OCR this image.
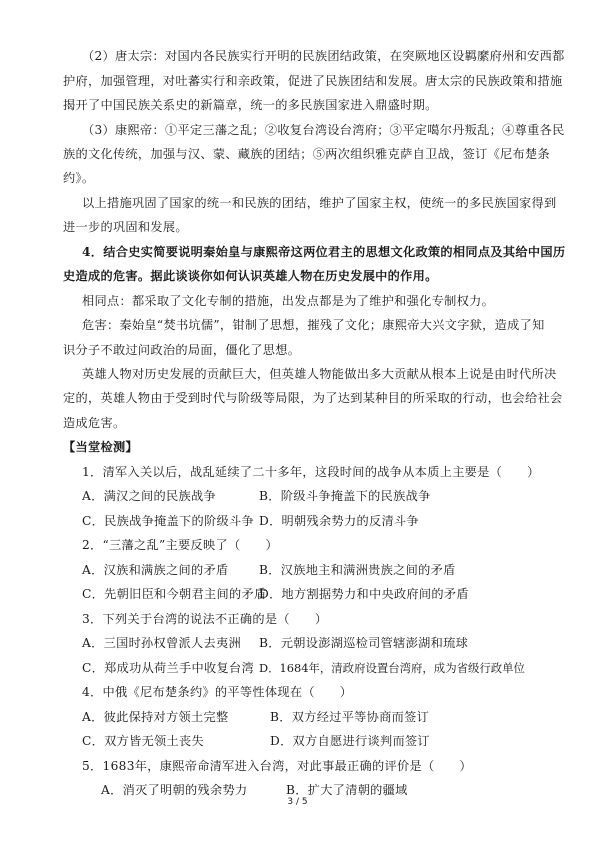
（2）唐太宗：对国内各民族实行开明的民族团结政策，在突厥地区设羁縻府州和安西都
护府，加强管理，对吐蕃实行和亲政策，促进了民族团结和发展。唐太宗的民族政策和措施
揭开了中国民族关系史的新篇章，统一的多民族国家进入鼎盛时期。
（3）康熙帝：①平定三藩之乱；②收复台湾设台湾府；③平定噶尔丹叛乱；④尊重各民
族的文化传统，加强与汉、蒙、藏族的团结；⑤两次组织雅克萨自卫战，签订《尼布楚条
约》。
以上措施巩固了国家的统一和民族的团结，维护了国家主权，使统一的多民族国家得到
进一步的巩固和发展。
4．结合史实简要说明秦始皇与康熙帝这两位君主的思想文化政策的相同点及其给中国历
史造成的危害。据此谈谈你如何认识英雄人物在历史发展中的作用。
相同点：都采取了文化专制的措施，出发点都是为了维护和强化专制权力。
危害：秦始皇“焚书坑儒”，钳制了思想，摧残了文化；康熙帝大兴文字狱，造成了知
识分子不敢过问政治的局面，僵化了思想。
英雄人物对历史发展的贡献巨大，但英雄人物能做出多大贡献从根本上说是由时代所决
定的，英雄人物由于受到时代与阶级等局限，为了达到某种目的所采取的行动，也会给社会
造成危害。
【当堂检测】
1．清军入关以后，战乱延续了二十多年，这段时间的战争从本质上主要是（　　）
A．满汉之间的民族战争	B．阶级斗争掩盖下的民族战争
C．民族战争掩盖下的阶级斗争 D．明朝残余势力的反清斗争
2．“三藩之乱”主要反映了（　　）
A．汉族和满族之间的矛盾	B．汉族地主和满洲贵族之间的矛盾
C．先朝旧臣和今朝君主间的矛盾
D．地方割据势力和中央政府间的矛盾
3．下列关于台湾的说法不正确的是（　　）
A．三国时孙权曾派人去夷洲 B．元朝设澎湖巡检司管辖澎湖和琉球
C．郑成功从荷兰手中收复台湾 D．1684年，清政府设置台湾府，成为省级行政单位
4．中俄《尼布楚条约》的平等性体现在（　　）
A．彼此保持对方领土完整	B．双方经过平等协商而签订
C．双方皆无领土丧失	D．双方自愿进行谈判而签订
5．1683年，康熙帝命清军进入台湾，对此事最正确的评价是（　　）
A．消灭了明朝的残余势力	B．扩大了清朝的疆域
3 / 5
